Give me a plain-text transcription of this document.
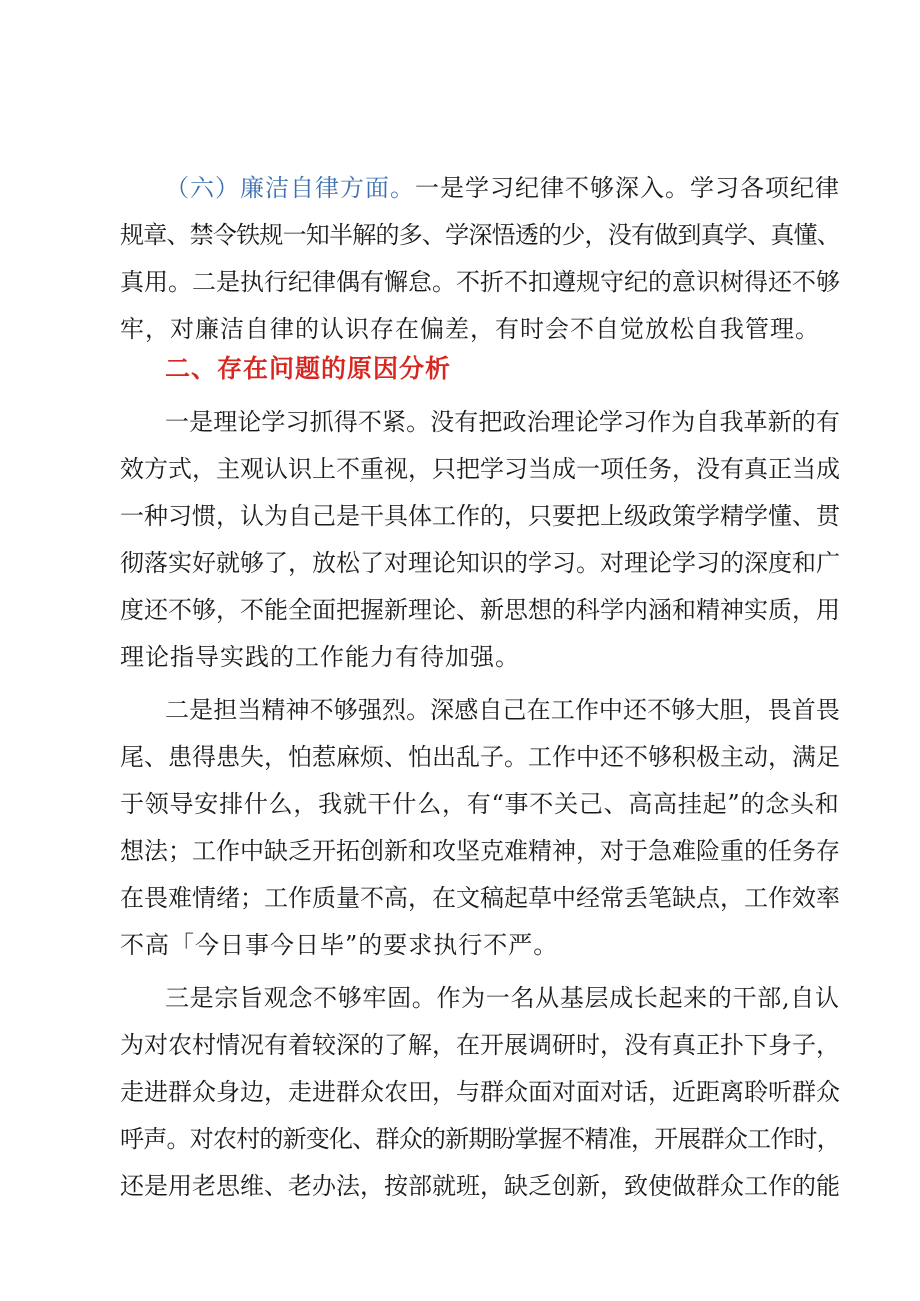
（六）廉洁自律方面。一是学习纪律不够深入。学习各项纪律
规章、禁令铁规一知半解的多、学深悟透的少，没有做到真学、真懂、
真用。二是执行纪律偶有懈怠。不折不扣遵规守纪的意识树得还不够
牢，对廉洁自律的认识存在偏差，有时会不自觉放松自我管理。
二、存在问题的原因分析
一是理论学习抓得不紧。没有把政治理论学习作为自我革新的有
效方式，主观认识上不重视，只把学习当成一项任务，没有真正当成
一种习惯，认为自己是干具体工作的，只要把上级政策学精学懂、贯
彻落实好就够了，放松了对理论知识的学习。对理论学习的深度和广
度还不够，不能全面把握新理论、新思想的科学内涵和精神实质，用
理论指导实践的工作能力有待加强。
二是担当精神不够强烈。深感自己在工作中还不够大胆，畏首畏
尾、患得患失，怕惹麻烦、怕出乱子。工作中还不够积极主动，满足
于领导安排什么，我就干什么，有“事不关己、高高挂起”的念头和
想法；工作中缺乏开拓创新和攻坚克难精神，对于急难险重的任务存
在畏难情绪；工作质量不高，在文稿起草中经常丢笔缺点，工作效率
不高「今日事今日毕”的要求执行不严。
三是宗旨观念不够牢固。作为一名从基层成长起来的干部,自认
为对农村情况有着较深的了解，在开展调研时，没有真正扑下身子，
走进群众身边，走进群众农田，与群众面对面对话，近距离聆听群众
呼声。对农村的新变化、群众的新期盼掌握不精准，开展群众工作时，
还是用老思维、老办法，按部就班，缺乏创新，致使做群众工作的能
